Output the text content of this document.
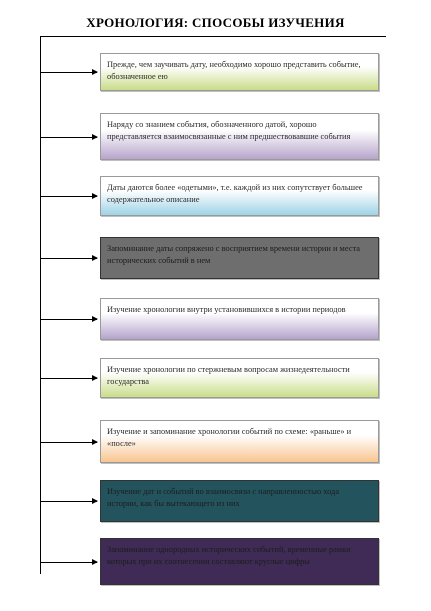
ХРОНОЛОГИЯ: СПОСОБЫ ИЗУЧЕНИЯ
Прежде, чем заучивать дату, необходимо хорошо представить событие, обозначенное ею
Наряду со знанием события, обозначенного датой, хорошо представляется взаимосвязанные с ним предшествовавшие события
Даты даются более «одетыми», т.е. каждой из них сопутствует большее содержательное описание
Запоминание даты сопряжено с восприятием времени истории и места исторических событий в нем
Изучение хронологии внутри установившихся в истории периодов
Изучение хронологии по стержневым вопросам жизнедеятельности государства
Изучение и запоминание хронологии событий по схеме: «раньше» и «после»
Изучение дат и событий во взаимосвязи с направленностью хода истории, как бы вытекающего из них
Запоминание однородных исторических событий, временные рамки которых при их соотнесении составляют круглые цифры
